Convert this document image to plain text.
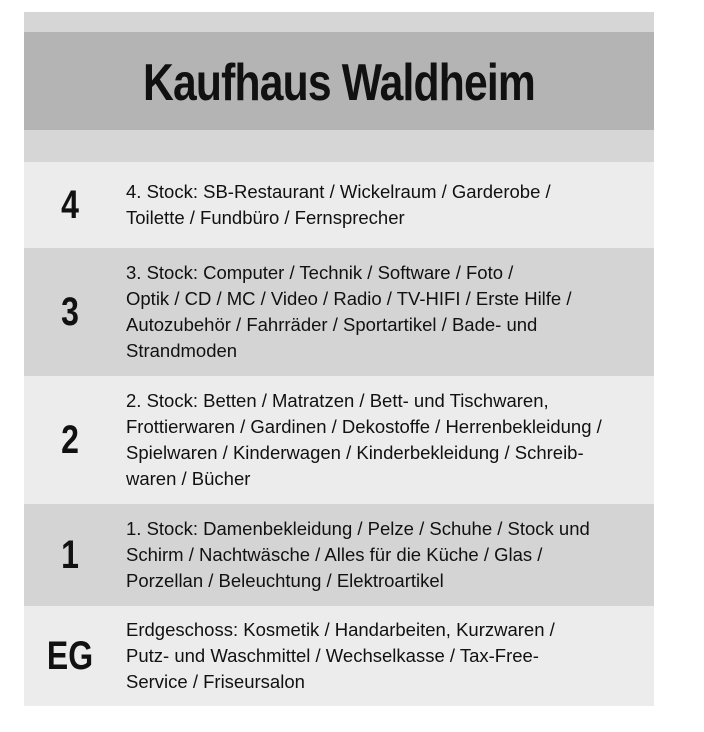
Kaufhaus Waldheim
4	4. Stock: SB-Restaurant / Wickelraum / Garderobe /
Toilette / Fundbüro / Fernsprecher
3
3. Stock: Computer / Technik / Software / Foto /
Optik / CD / MC / Video / Radio / TV-HIFI / Erste Hilfe /
Autozubehör / Fahrräder / Sportartikel / Bade- und
Strandmoden
2
2. Stock: Betten / Matratzen / Bett- und Tischwaren,
Frottierwaren / Gardinen / Dekostoffe / Herrenbekleidung /
Spielwaren / Kinderwagen / Kinderbekleidung / Schreib-
waren / Bücher
1
1. Stock: Damenbekleidung / Pelze / Schuhe / Stock und
Schirm / Nachtwäsche / Alles für die Küche / Glas /
Porzellan / Beleuchtung / Elektroartikel
EG
Erdgeschoss: Kosmetik / Handarbeiten, Kurzwaren /
Putz- und Waschmittel / Wechselkasse / Tax-Free-
Service / Friseursalon
